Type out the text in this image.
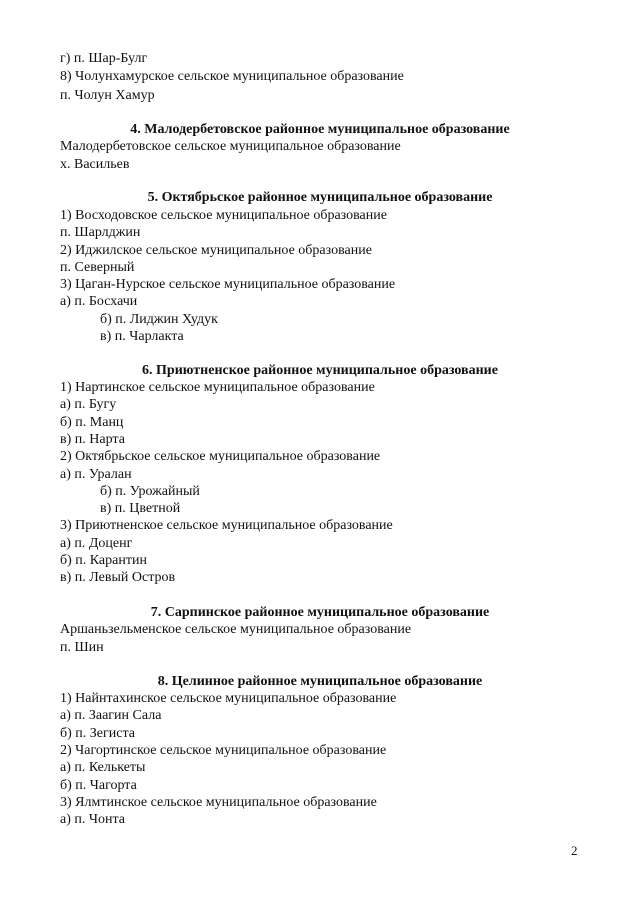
г) п. Шар-Булг
8) Чолунхамурское сельское муниципальное образование
п. Чолун Хамур
4. Малодербетовское районное муниципальное образование
Малодербетовское сельское муниципальное образование
х. Васильев
5. Октябрьское районное муниципальное образование
1) Восходовское сельское муниципальное образование
п. Шарлджин
2) Иджилское сельское муниципальное образование
п. Северный
3) Цаган-Нурское сельское муниципальное образование
а) п. Босхачи
б) п. Лиджин Худук
в) п. Чарлакта
6. Приютненское районное муниципальное образование
1) Нартинское сельское муниципальное образование
а) п. Бугу
б) п. Манц
в) п. Нарта
2) Октябрьское сельское муниципальное образование
а) п. Уралан
б) п. Урожайный
в) п. Цветной
3) Приютненское сельское муниципальное образование
а) п. Доценг
б) п. Карантин
в) п. Левый Остров
7. Сарпинское районное муниципальное образование
Аршаньзельменское сельское муниципальное образование
п. Шин
8. Целинное районное муниципальное образование
1) Найнтахинское сельское муниципальное образование
а) п. Заагин Сала
б) п. Зегиста
2) Чагортинское сельское муниципальное образование
а) п. Келькеты
б) п. Чагорта
3) Ялмтинское сельское муниципальное образование
а) п. Чонта
2
